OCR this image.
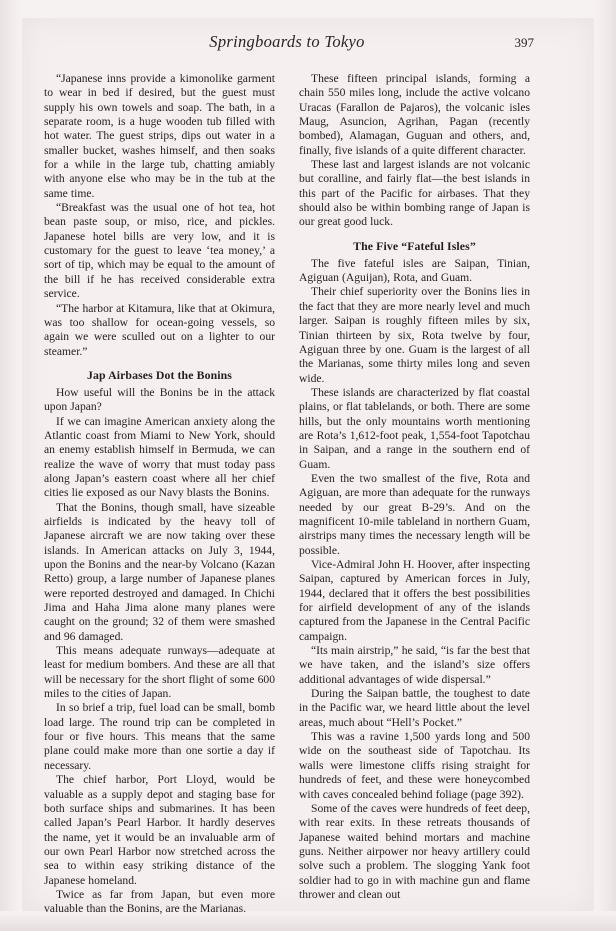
Springboards to Tokyo	397

“Japanese inns provide a kimonolike garment to wear in bed if desired, but the guest must supply his own towels and soap. The bath, in a separate room, is a huge wooden tub filled with hot water. The guest strips, dips out water in a smaller bucket, washes himself, and then soaks for a while in the large tub, chatting amiably with anyone else who may be in the tub at the same time.

“Breakfast was the usual one of hot tea, hot bean paste soup, or miso, rice, and pickles. Japanese hotel bills are very low, and it is customary for the guest to leave ‘tea money,’ a sort of tip, which may be equal to the amount of the bill if he has received considerable extra service.

“The harbor at Kitamura, like that at Okimura, was too shallow for ocean-going vessels, so again we were sculled out on a lighter to our steamer.”

Jap Airbases Dot the Bonins

How useful will the Bonins be in the attack upon Japan?

If we can imagine American anxiety along the Atlantic coast from Miami to New York, should an enemy establish himself in Bermuda, we can realize the wave of worry that must today pass along Japan’s eastern coast where all her chief cities lie exposed as our Navy blasts the Bonins.

That the Bonins, though small, have sizeable airfields is indicated by the heavy toll of Japanese aircraft we are now taking over these islands. In American attacks on July 3, 1944, upon the Bonins and the near-by Volcano (Kazan Retto) group, a large number of Japanese planes were reported destroyed and damaged. In Chichi Jima and Haha Jima alone many planes were caught on the ground; 32 of them were smashed and 96 damaged.

This means adequate runways—adequate at least for medium bombers. And these are all that will be necessary for the short flight of some 600 miles to the cities of Japan.

In so brief a trip, fuel load can be small, bomb load large. The round trip can be completed in four or five hours. This means that the same plane could make more than one sortie a day if necessary.

The chief harbor, Port Lloyd, would be valuable as a supply depot and staging base for both surface ships and submarines. It has been called Japan’s Pearl Harbor. It hardly deserves the name, yet it would be an invaluable arm of our own Pearl Harbor now stretched across the sea to within easy striking distance of the Japanese homeland.

Twice as far from Japan, but even more valuable than the Bonins, are the Marianas.

These fifteen principal islands, forming a chain 550 miles long, include the active volcano Uracas (Farallon de Pajaros), the volcanic isles Maug, Asuncion, Agrihan, Pagan (recently bombed), Alamagan, Guguan and others, and, finally, five islands of a quite different character.

These last and largest islands are not volcanic but coralline, and fairly flat—the best islands in this part of the Pacific for airbases. That they should also be within bombing range of Japan is our great good luck.

The Five “Fateful Isles”

The five fateful isles are Saipan, Tinian, Agiguan (Aguijan), Rota, and Guam.

Their chief superiority over the Bonins lies in the fact that they are more nearly level and much larger. Saipan is roughly fifteen miles by six, Tinian thirteen by six, Rota twelve by four, Agiguan three by one. Guam is the largest of all the Marianas, some thirty miles long and seven wide.

These islands are characterized by flat coastal plains, or flat tablelands, or both. There are some hills, but the only mountains worth mentioning are Rota’s 1,612-foot peak, 1,554-foot Tapotchau in Saipan, and a range in the southern end of Guam.

Even the two smallest of the five, Rota and Agiguan, are more than adequate for the runways needed by our great B-29’s. And on the magnificent 10-mile tableland in northern Guam, airstrips many times the necessary length will be possible.

Vice-Admiral John H. Hoover, after inspecting Saipan, captured by American forces in July, 1944, declared that it offers the best possibilities for airfield development of any of the islands captured from the Japanese in the Central Pacific campaign.

“Its main airstrip,” he said, “is far the best that we have taken, and the island’s size offers additional advantages of wide dispersal.”

During the Saipan battle, the toughest to date in the Pacific war, we heard little about the level areas, much about “Hell’s Pocket.”

This was a ravine 1,500 yards long and 500 wide on the southeast side of Tapotchau. Its walls were limestone cliffs rising straight for hundreds of feet, and these were honeycombed with caves concealed behind foliage (page 392).

Some of the caves were hundreds of feet deep, with rear exits. In these retreats thousands of Japanese waited behind mortars and machine guns. Neither airpower nor heavy artillery could solve such a problem. The slogging Yank foot soldier had to go in with machine gun and flame thrower and clean out
